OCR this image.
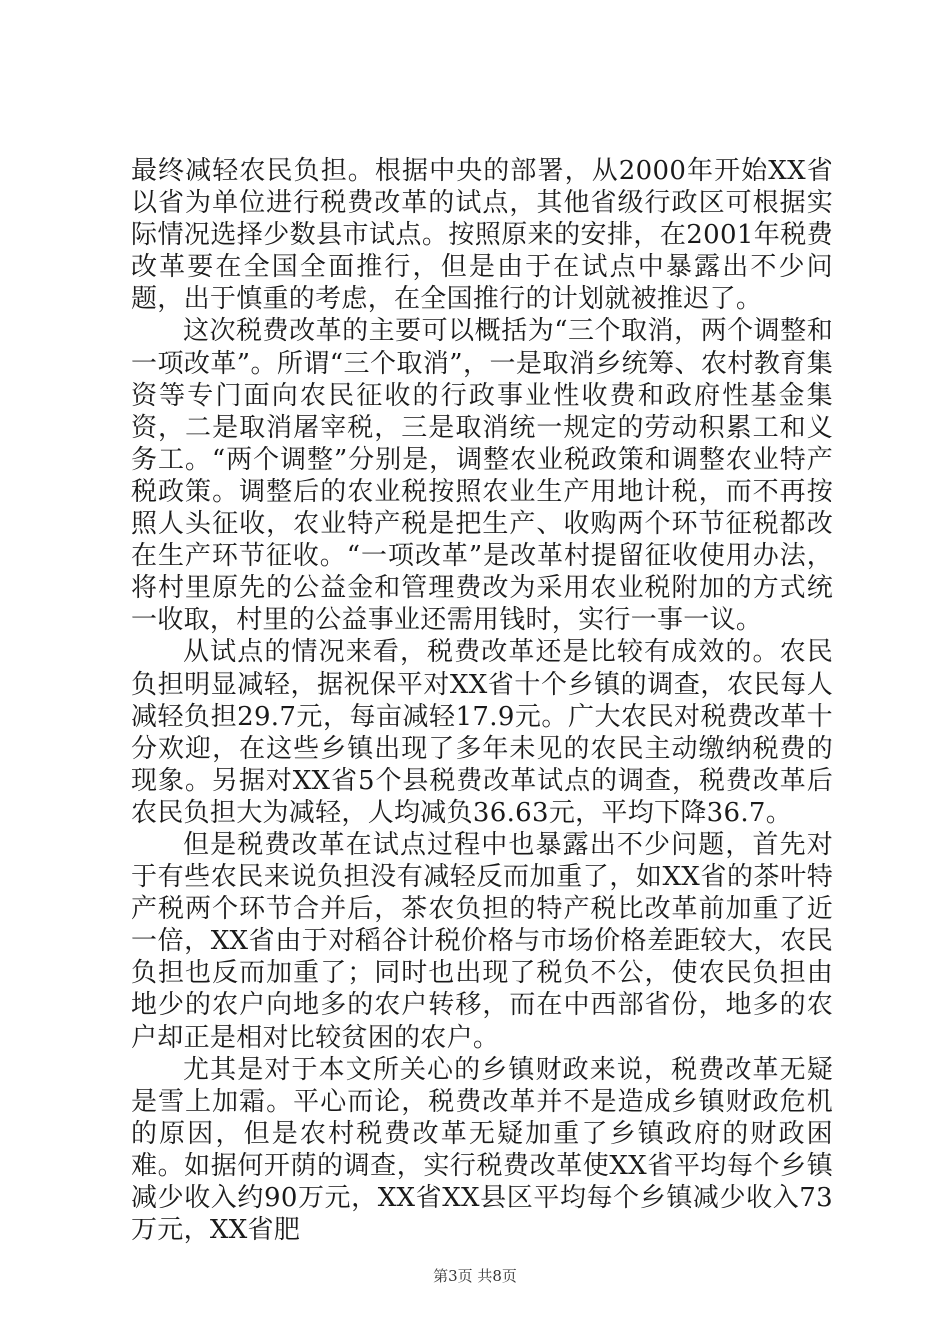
最终减轻农民负担。根据中央的部署，从2000年开始XX省以省为单位进行税费改革的试点，其他省级行政区可根据实际情况选择少数县市试点。按照原来的安排，在2001年税费改革要在全国全面推行，但是由于在试点中暴露出不少问题，出于慎重的考虑，在全国推行的计划就被推迟了。

这次税费改革的主要可以概括为“三个取消，两个调整和一项改革”。所谓“三个取消”，一是取消乡统筹、农村教育集资等专门面向农民征收的行政事业性收费和政府性基金集资，二是取消屠宰税，三是取消统一规定的劳动积累工和义务工。“两个调整”分别是，调整农业税政策和调整农业特产税政策。调整后的农业税按照农业生产用地计税，而不再按照人头征收，农业特产税是把生产、收购两个环节征税都改在生产环节征收。“一项改革”是改革村提留征收使用办法，将村里原先的公益金和管理费改为采用农业税附加的方式统一收取，村里的公益事业还需用钱时，实行一事一议。

从试点的情况来看，税费改革还是比较有成效的。农民负担明显减轻，据祝保平对XX省十个乡镇的调查，农民每人减轻负担29.7元，每亩减轻17.9元。广大农民对税费改革十分欢迎，在这些乡镇出现了多年未见的农民主动缴纳税费的现象。另据对XX省5个县税费改革试点的调查，税费改革后农民负担大为减轻，人均减负36.63元，平均下降36.7。

但是税费改革在试点过程中也暴露出不少问题，首先对于有些农民来说负担没有减轻反而加重了，如XX省的茶叶特产税两个环节合并后，茶农负担的特产税比改革前加重了近一倍，XX省由于对稻谷计税价格与市场价格差距较大，农民负担也反而加重了；同时也出现了税负不公，使农民负担由地少的农户向地多的农户转移，而在中西部省份，地多的农户却正是相对比较贫困的农户。

尤其是对于本文所关心的乡镇财政来说，税费改革无疑是雪上加霜。平心而论，税费改革并不是造成乡镇财政危机的原因，但是农村税费改革无疑加重了乡镇政府的财政困难。如据何开荫的调查，实行税费改革使XX省平均每个乡镇减少收入约90万元，XX省XX县区平均每个乡镇减少收入73万元，XX省肥

第3页 共8页
